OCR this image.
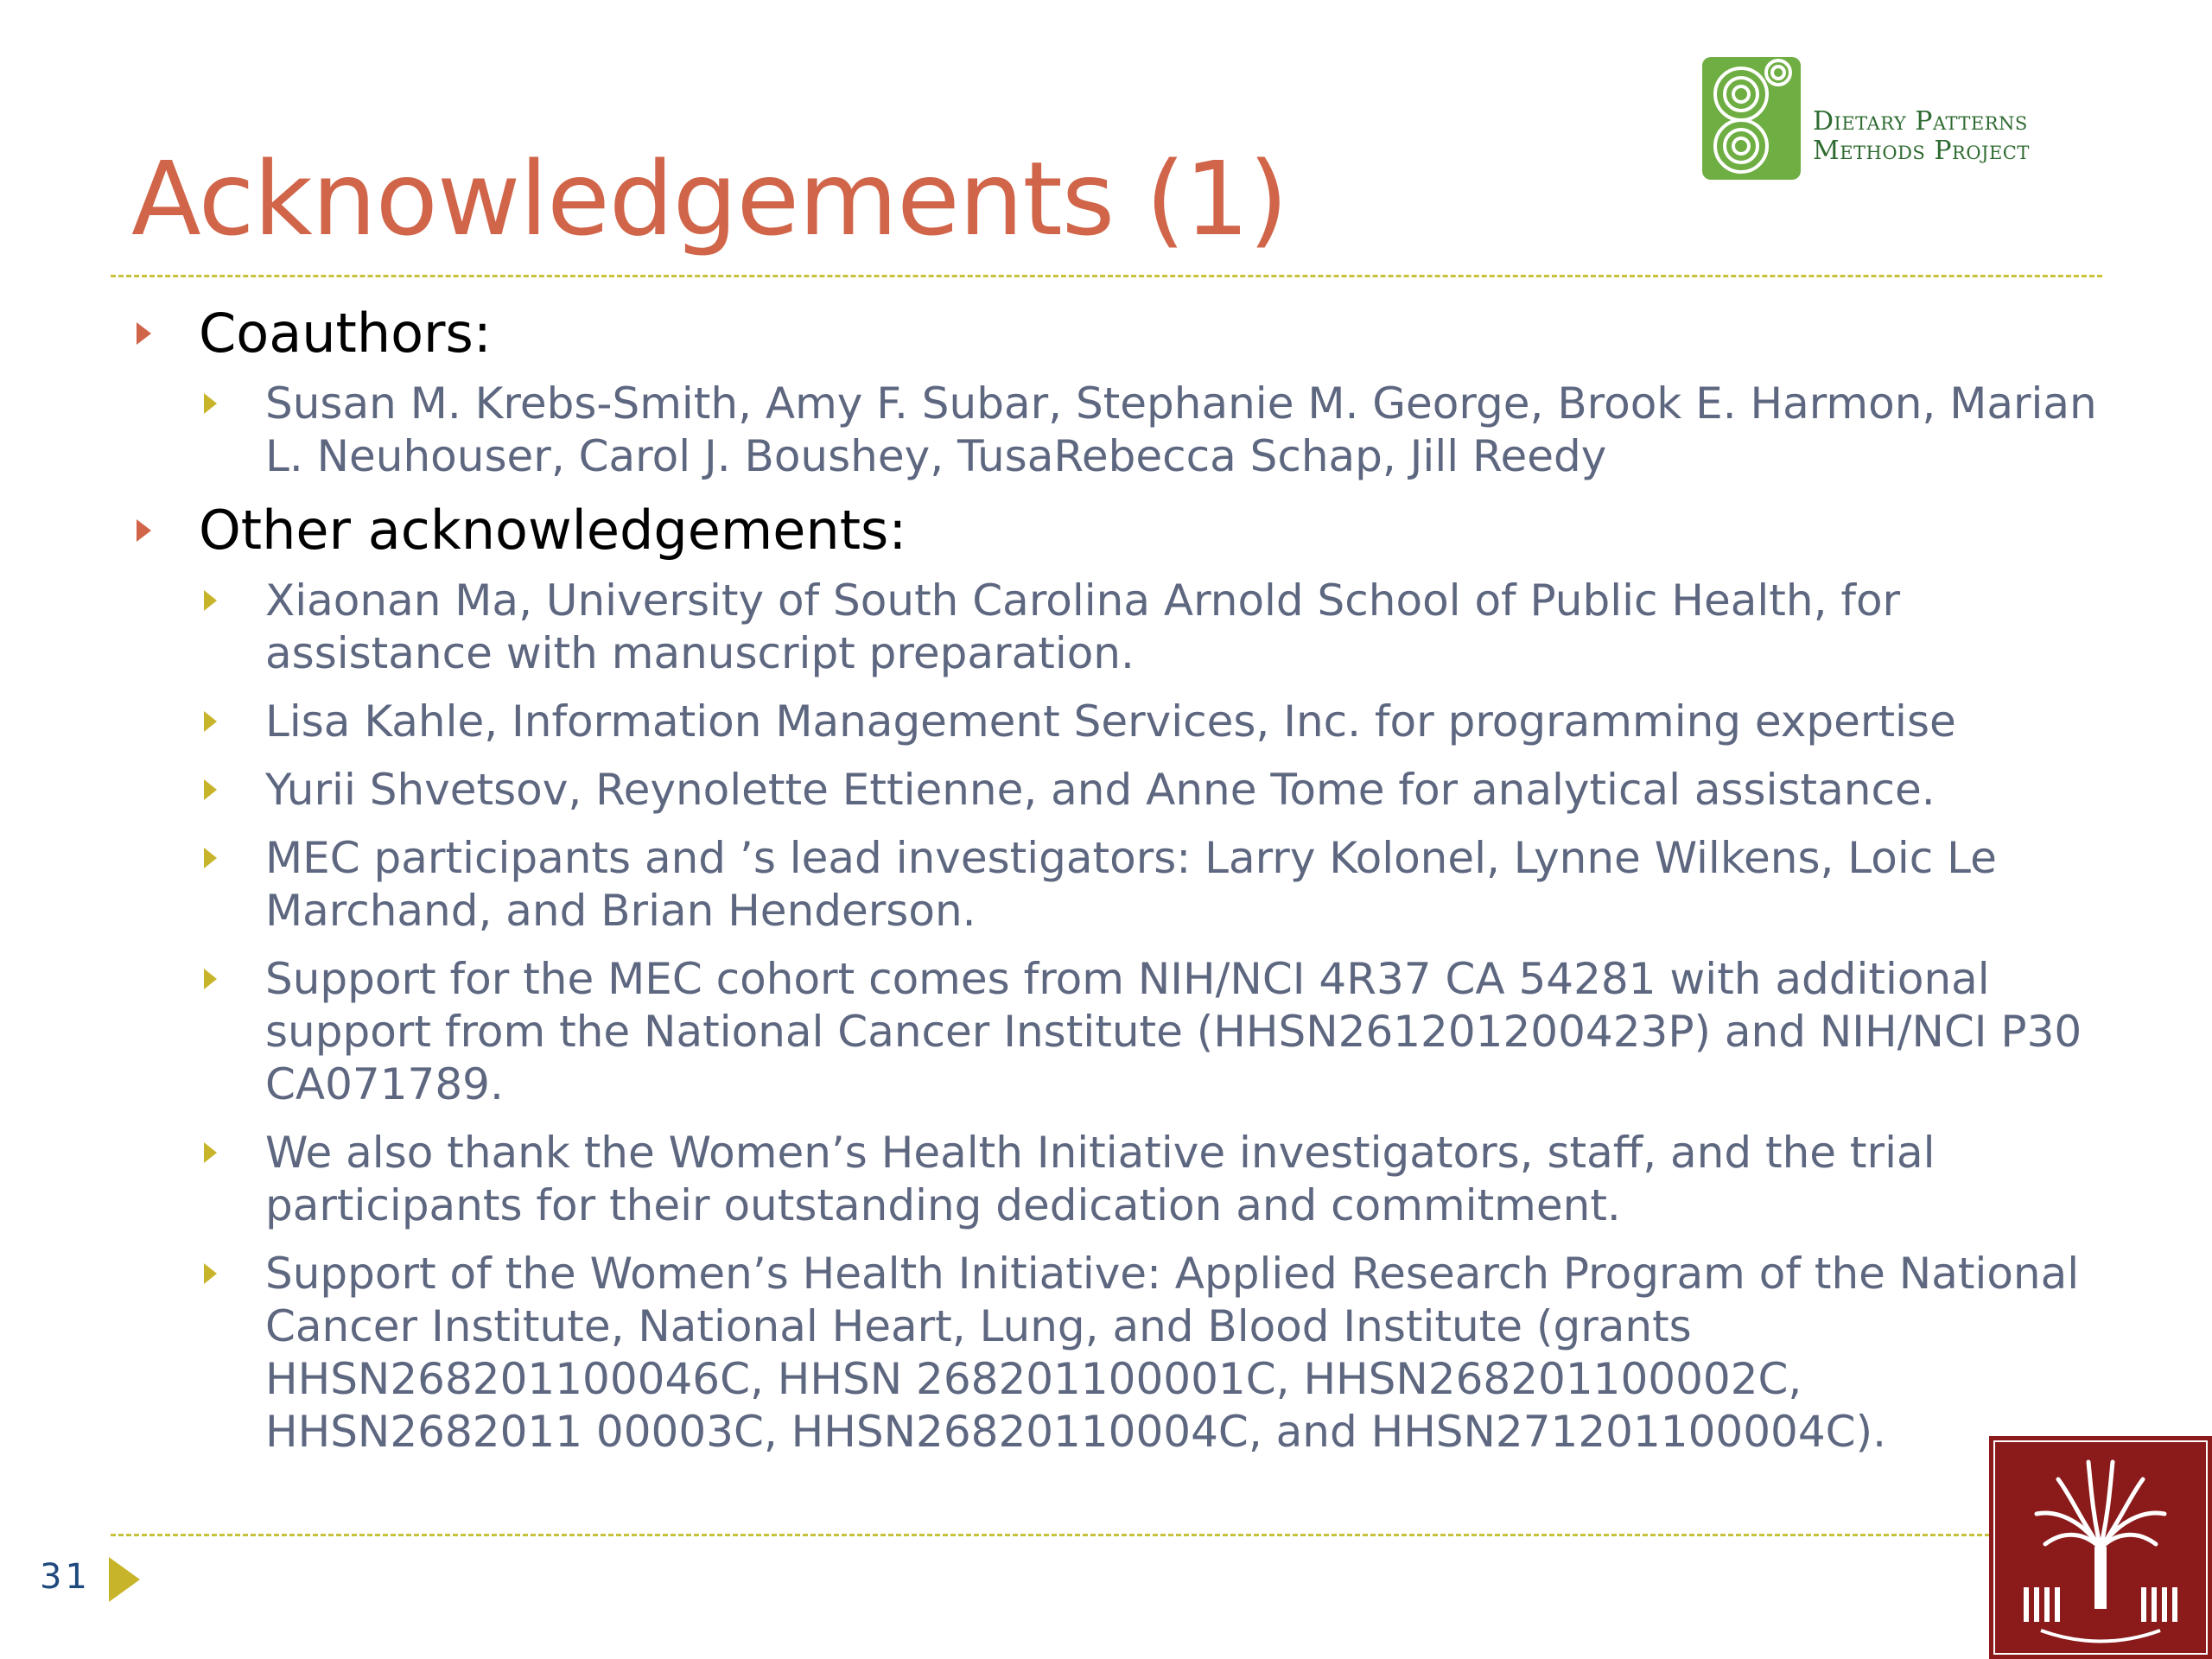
Acknowledgements (1)
Dietary Patterns
Methods Project
Coauthors:
Susan M. Krebs-Smith, Amy F. Subar, Stephanie M. George, Brook E. Harmon, Marian L. Neuhouser, Carol J. Boushey, TusaRebecca Schap, Jill Reedy
Other acknowledgements:
Xiaonan Ma, University of South Carolina Arnold School of Public Health, for assistance with manuscript preparation.
Lisa Kahle, Information Management Services, Inc. for programming expertise
Yurii Shvetsov, Reynolette Ettienne, and Anne Tome for analytical assistance.
MEC participants and ’s lead investigators: Larry Kolonel, Lynne Wilkens, Loic Le Marchand, and Brian Henderson.
Support for the MEC cohort comes from NIH/NCI 4R37 CA 54281 with additional support from the National Cancer Institute (HHSN261201200423P) and NIH/NCI P30 CA071789.
We also thank the Women’s Health Initiative investigators, staff, and the trial participants for their outstanding dedication and commitment.
Support of the Women’s Health Initiative: Applied Research Program of the National Cancer Institute, National Heart, Lung, and Blood Institute (grants HHSN268201100046C, HHSN 268201100001C, HHSN268201100002C, HHSN2682011 00003C, HHSN26820110004C, and HHSN271201100004C).
31
